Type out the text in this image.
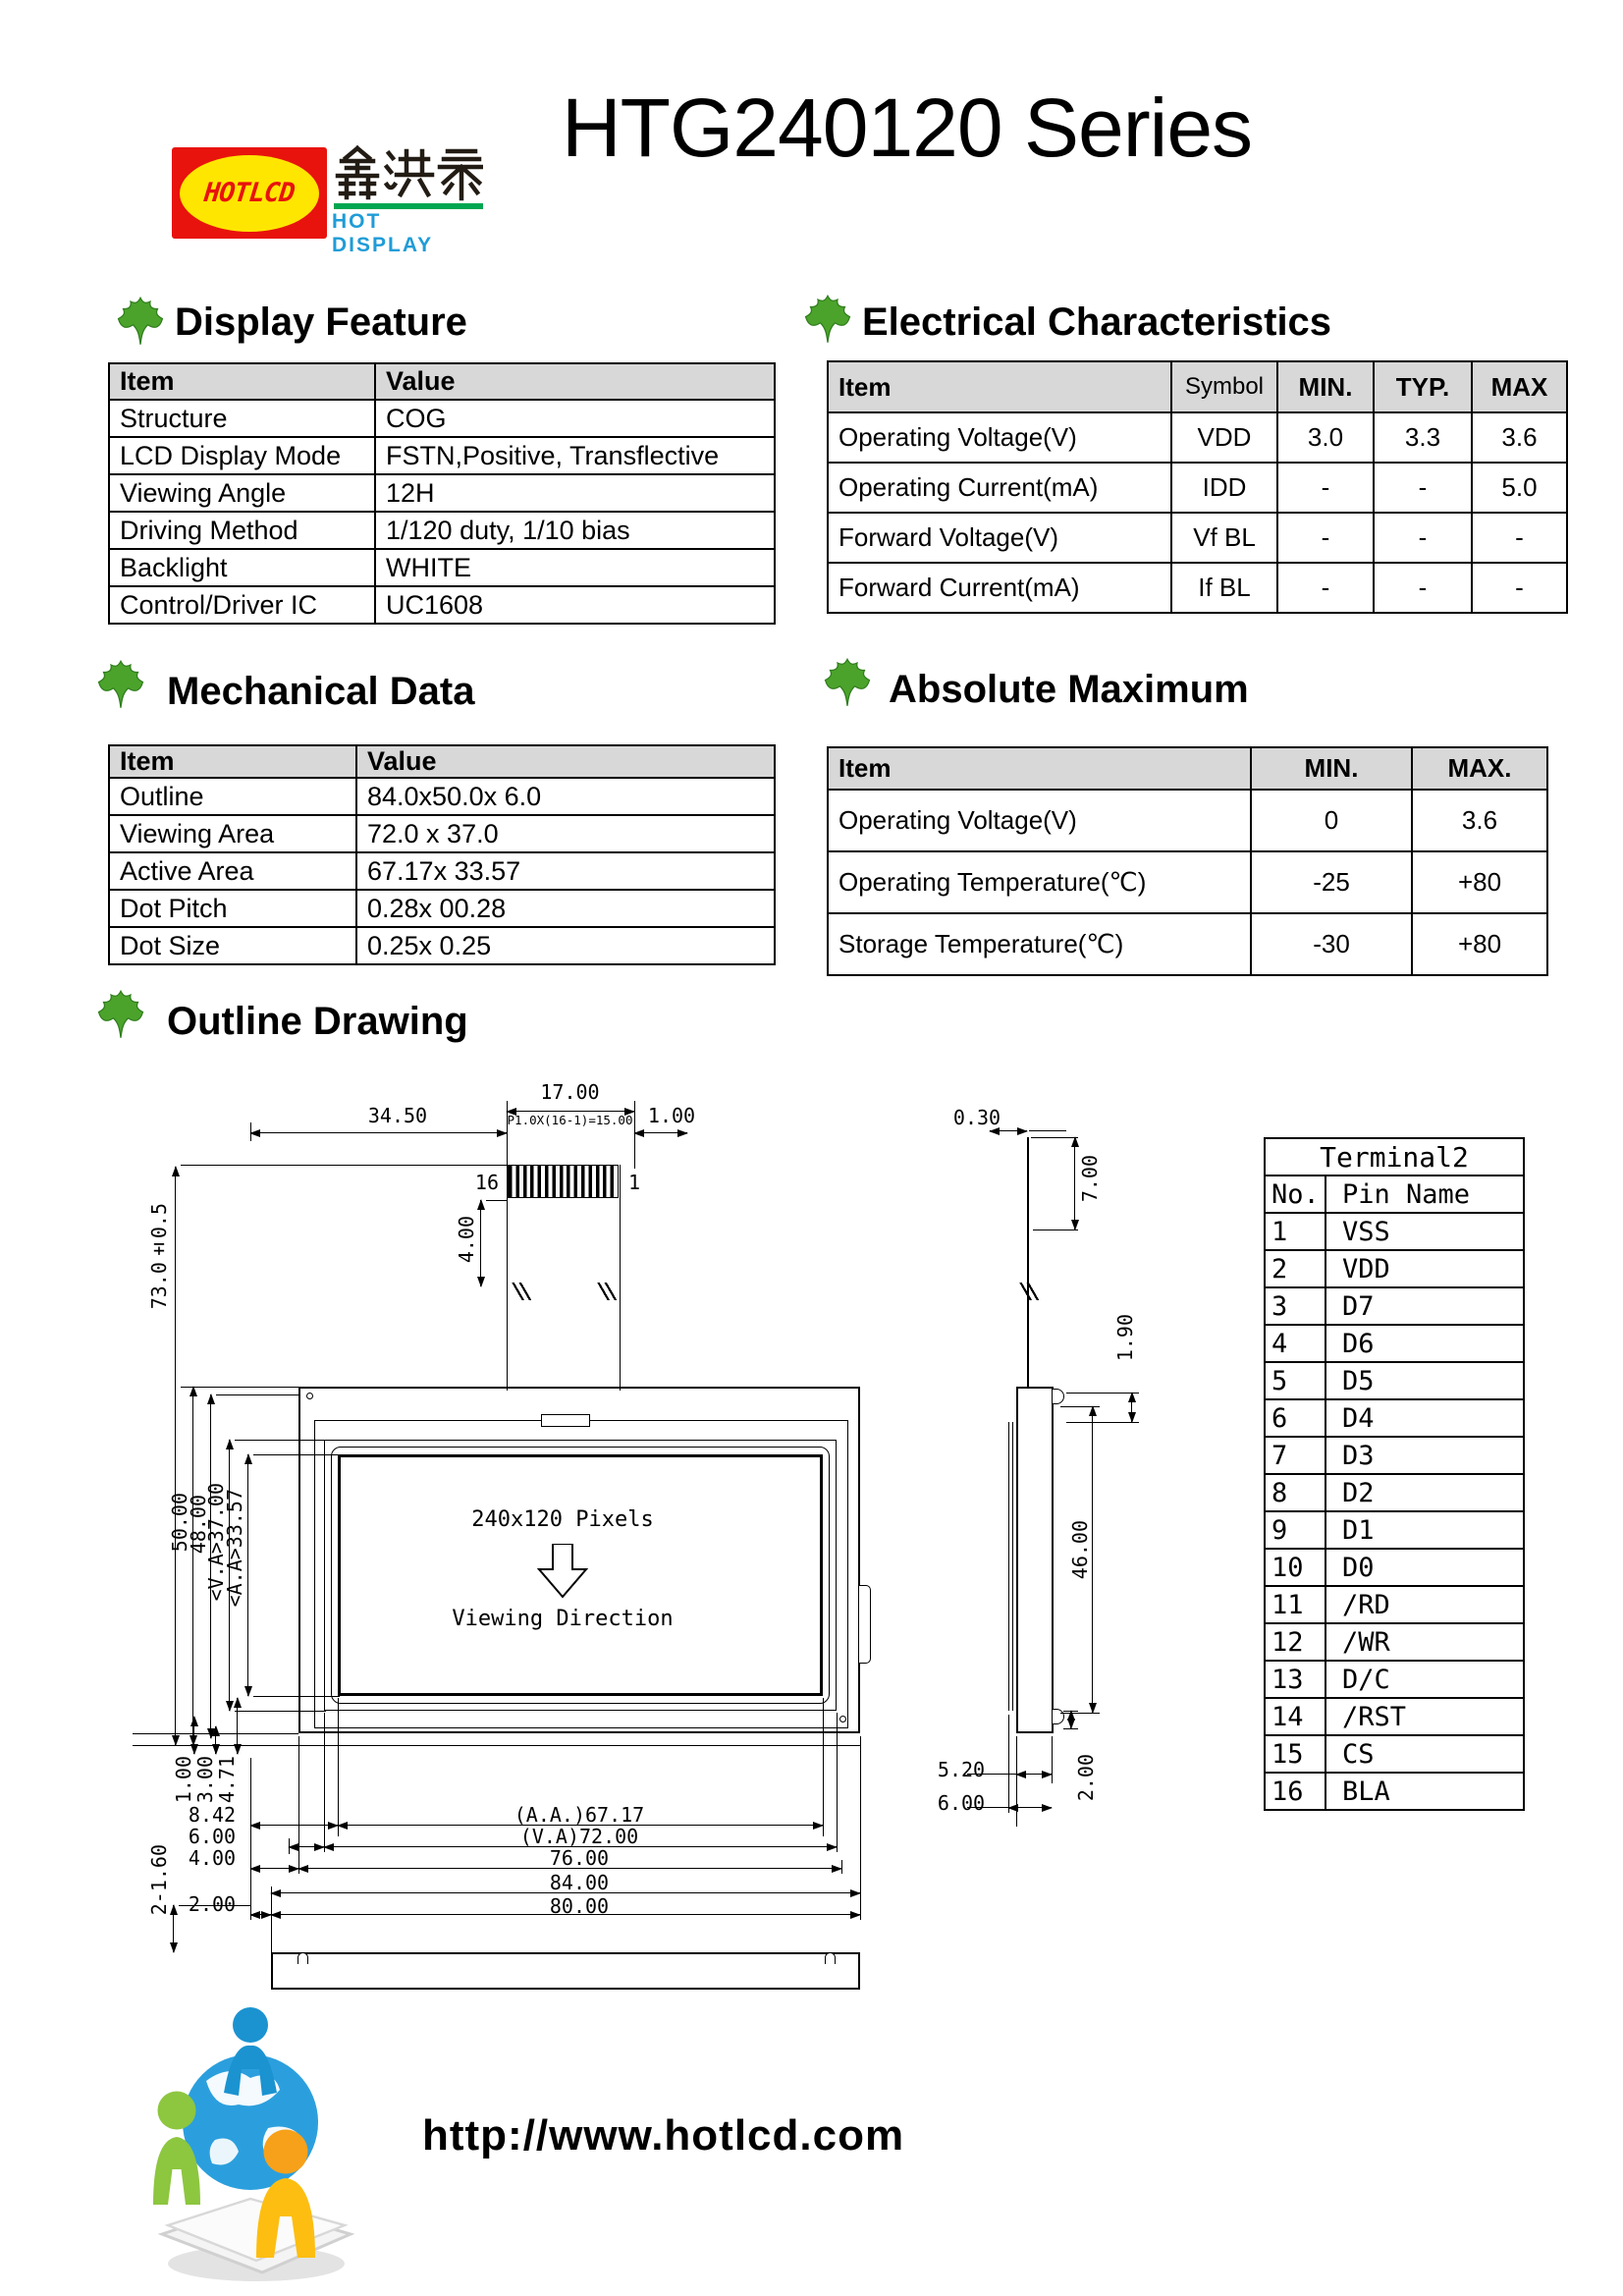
HOTLCD
HOT DISPLAY
HTG240120 Series
Display Feature	Electrical Characteristics
Mechanical Data	Absolute Maximum
Outline Drawing
Item	Value
Structure	COG
LCD Display Mode	FSTN,Positive, Transflective
Viewing Angle	12H
Driving Method	1/120 duty, 1/10 bias
Backlight	WHITE
Control/Driver IC	UC1608
Item	Symbol	MIN.	TYP.	MAX
Operating Voltage(V)	VDD	3.0	3.3	3.6
Operating Current(mA)	IDD	-	-	5.0
Forward Voltage(V)	Vf BL	-	-	-
Forward Current(mA)	If BL	-	-	-
Item	Value
Outline	84.0x50.0x 6.0
Viewing Area	72.0 x 37.0
Active Area	67.17x 33.57
Dot Pitch	0.28x 00.28
Dot Size	0.25x 0.25
Item	MIN.	MAX.
Operating Voltage(V)	0	3.6
Operating Temperature(℃)	-25	+80
Storage Temperature(℃)	-30	+80
16	1
240x120 Pixels
Viewing Direction
34.50
17.00
P1.0X(16-1)=15.00 1.00
4.00
73.0±0.5
50.00
48.00
<V.A>37.00
<A.A>33.57
1.00
3.00
4.71
2-1.60
8.42
6.00
4.00
2.00
(A.A.)67.17
(V.A)72.00
76.00
84.00
80.00
0.30
7.00
1.90
46.00
5.20
6.00
2.00
Terminal2	
No.	Pin Name
1	VSS
2	VDD
3	D7
4	D6
5	D5
6	D4
7	D3
8	D2
9	D1
10	D0
11	/RD
12	/WR
13	D/C
14	/RST
15	CS
16	BLA
http://www.hotlcd.com
